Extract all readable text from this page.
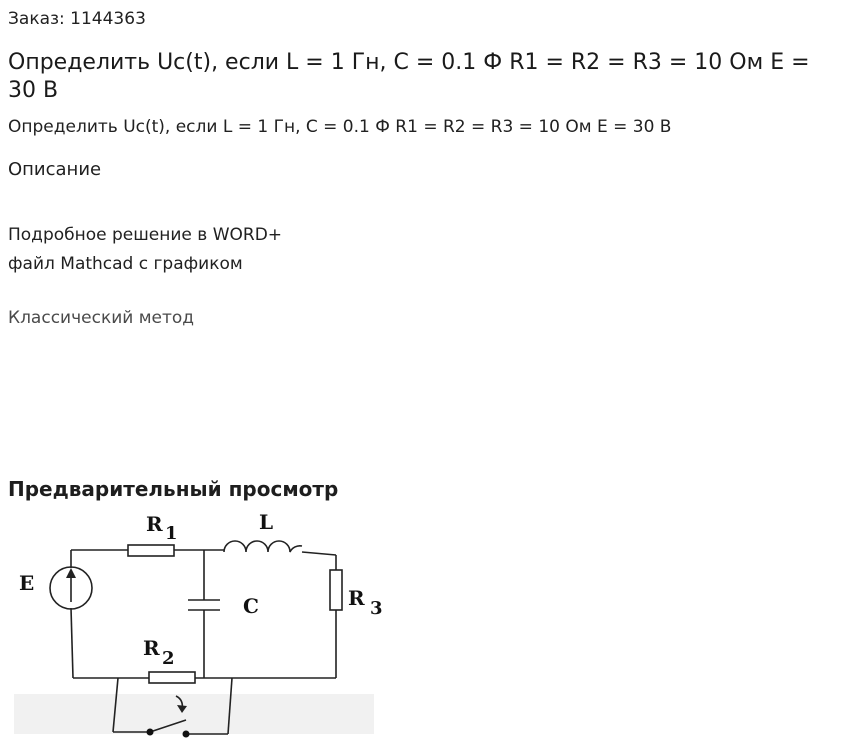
Заказ: 1144363
Определить Uc(t), если L = 1 Гн, C = 0.1 Ф R1 = R2 = R3 = 10 Ом E = 30 В
Определить Uc(t), если L = 1 Гн, C = 0.1 Ф R1 = R2 = R3 = 10 Ом E = 30 В
Описание
Подробное решение в WORD+
файл Mathcad с графиком
Классический метод
Предварительный просмотр
E
R 1	L
C	R 3
R 2
